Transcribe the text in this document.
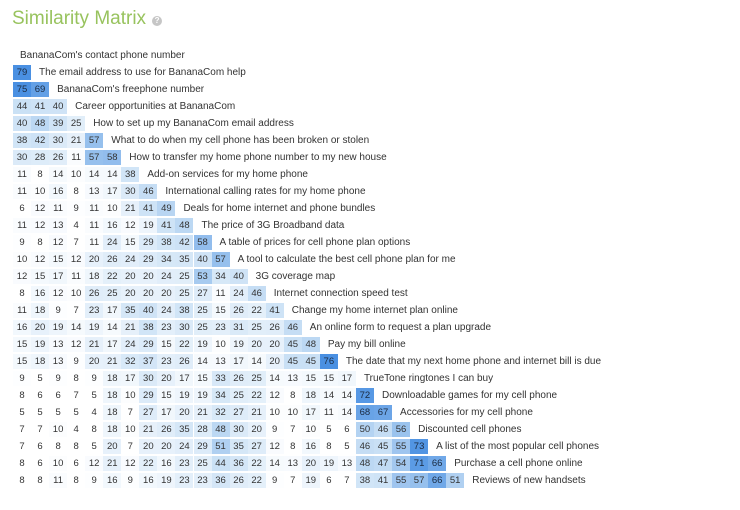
Similarity Matrix	?
BananaCom's contact phone number
79	The email address to use for BananaCom help
75 69	BananaCom's freephone number
44 41 40	Career opportunities at BananaCom
40 48 39 25	How to set up my BananaCom email address
38 42 30 21 57	What to do when my cell phone has been broken or stolen
30 28 26 11 57 58	How to transfer my home phone number to my new house
11	8	14 10 14 14 38	Add-on services for my home phone
11 10 16	8	13 17 30 46	International calling rates for my home phone
6	12 11	9	11 10 21 41 49	Deals for home internet and phone bundles
11 12 13	4	11 16 12 19 41 48	The price of 3G Broadband data
9	8	12	7	11 24 15 29 38 42 58	A table of prices for cell phone plan options
10 12 15 12 20 26 24 29 34 35 40 57	A tool to calculate the best cell phone plan for me
12 15 17 11 18 22 20 20 24 25 53 34 40	3G coverage map
8	16 12 10 26 25 20 20 20 25 27 11 24 46	Internet connection speed test
11 18	9	7	23 17 35 40 24 38 25 15 26 22 41	Change my home internet plan online
16 20 19 14 19 14 21 38 23 30 25 23 31 25 26 46	An online form to request a plan upgrade
15 19 13 12 21 17 24 29 15 22 19 10 19 20 20 45 48	Pay my bill online
15 18 13	9	20 21 32 37 23 26 14 13 17 14 20 45 45 76	The date that my next home phone and internet bill is due
9	5	9	8	9	18 17 30 20 17 15 33 26 25 14 13 15 15 17	TrueTone ringtones I can buy
8	6	6	7	5	18 10 29 15 19 19 34 25 22 12	8	18 14 14 72	Downloadable games for my cell phone
5	5	5	5	4	18	7	27 17 20 21 32 27 21 10 10 17 11 14 68 67	Accessories for my cell phone
7	7	10	4	8	18 10 21 26 35 28 48 30 20	9	7	10	5	6	50 46 56	Discounted cell phones
7	6	8	8	5	20	7	20 20 24 29 51 35 27 12	8	16	8	5	46 45 55 73	A list of the most popular cell phones
8	6	10	6	12 21 12 22 16 23 25 44 36 22 14 13 20 19 13 48 47 54 71 66	Purchase a cell phone online
8	8	11	8	9	16	9	16 19 23 23 36 26 22	9	7	19	6	7	38 41 55 57 66 51	Reviews of new handsets
